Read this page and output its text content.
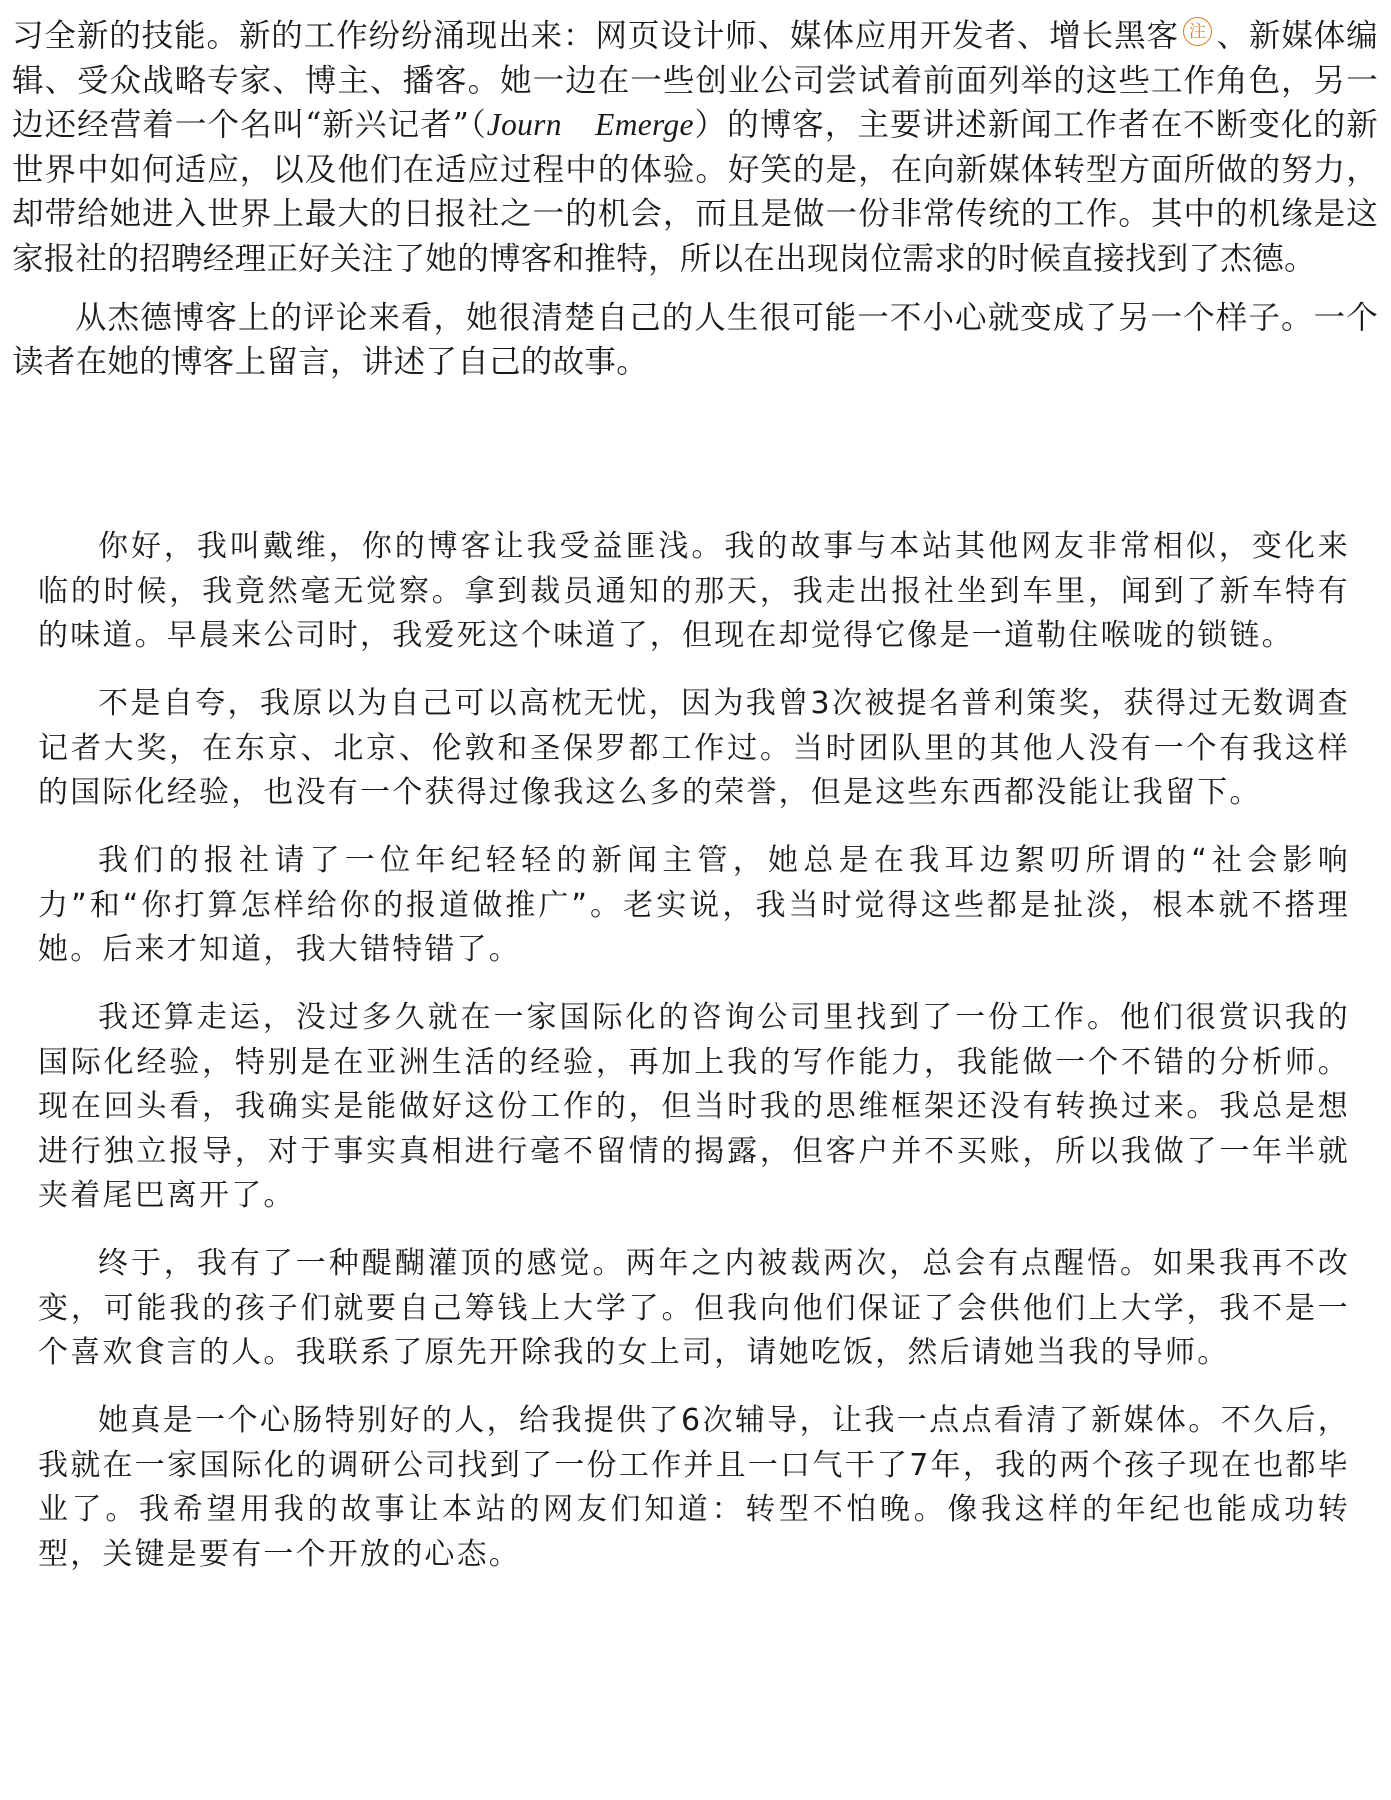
习全新的技能。新的工作纷纷涌现出来：网页设计师、媒体应用开发者、增长黑客 注 、新媒体编辑、受众战略专家、博主、播客。她一边在一些创业公司尝试着前面列举的这些工作角色，另一边还经营着一个名叫“新兴记者”（Journ　Emerge）的博客，主要讲述新闻工作者在不断变化的新世界中如何适应，以及他们在适应过程中的体验。好笑的是，在向新媒体转型方面所做的努力，却带给她进入世界上最大的日报社之一的机会，而且是做一份非常传统的工作。其中的机缘是这家报社的招聘经理正好关注了她的博客和推特，所以在出现岗位需求的时候直接找到了杰德。

从杰德博客上的评论来看，她很清楚自己的人生很可能一不小心就变成了另一个样子。一个读者在她的博客上留言，讲述了自己的故事。

你好，我叫戴维，你的博客让我受益匪浅。我的故事与本站其他网友非常相似，变化来临的时候，我竟然毫无觉察。拿到裁员通知的那天，我走出报社坐到车里，闻到了新车特有的味道。早晨来公司时，我爱死这个味道了，但现在却觉得它像是一道勒住喉咙的锁链。

不是自夸，我原以为自己可以高枕无忧，因为我曾3次被提名普利策奖，获得过无数调查记者大奖，在东京、北京、伦敦和圣保罗都工作过。当时团队里的其他人没有一个有我这样的国际化经验，也没有一个获得过像我这么多的荣誉，但是这些东西都没能让我留下。

我们的报社请了一位年纪轻轻的新闻主管，她总是在我耳边絮叨所谓的“社会影响力”和“你打算怎样给你的报道做推广”。老实说，我当时觉得这些都是扯淡，根本就不搭理她。后来才知道，我大错特错了。

我还算走运，没过多久就在一家国际化的咨询公司里找到了一份工作。他们很赏识我的国际化经验，特别是在亚洲生活的经验，再加上我的写作能力，我能做一个不错的分析师。现在回头看，我确实是能做好这份工作的，但当时我的思维框架还没有转换过来。我总是想进行独立报导，对于事实真相进行毫不留情的揭露，但客户并不买账，所以我做了一年半就夹着尾巴离开了。

终于，我有了一种醍醐灌顶的感觉。两年之内被裁两次，总会有点醒悟。如果我再不改变，可能我的孩子们就要自己筹钱上大学了。但我向他们保证了会供他们上大学，我不是一个喜欢食言的人。我联系了原先开除我的女上司，请她吃饭，然后请她当我的导师。

她真是一个心肠特别好的人，给我提供了6次辅导，让我一点点看清了新媒体。不久后，我就在一家国际化的调研公司找到了一份工作并且一口气干了7年，我的两个孩子现在也都毕业了。我希望用我的故事让本站的网友们知道：转型不怕晚。像我这样的年纪也能成功转型，关键是要有一个开放的心态。
